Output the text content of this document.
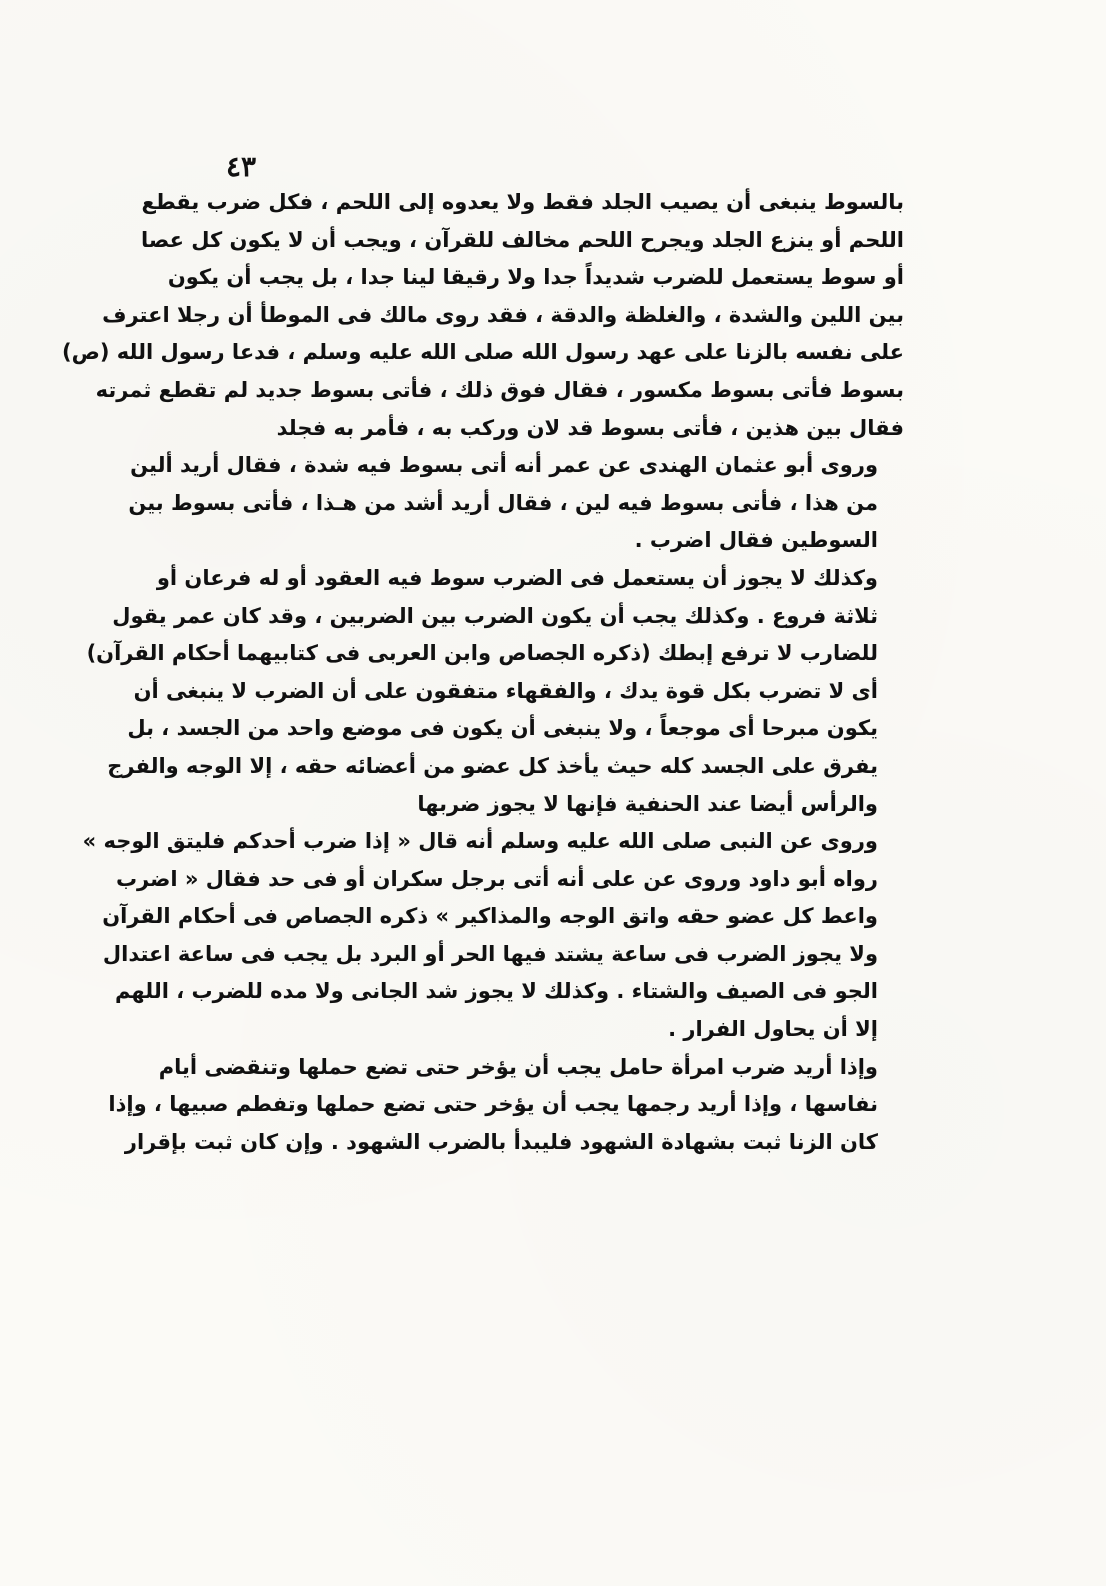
٤٣
بالسوط ينبغى أن يصيب الجلد فقط ولا يعدوه إلى اللحم ، فكل ضرب يقطع
اللحم أو ينزع الجلد ويجرح اللحم مخالف للقرآن ، ويجب أن لا يكون كل عصا
أو سوط يستعمل للضرب شديداً جدا ولا رقيقا لينا جدا ، بل يجب أن يكون
بين اللين والشدة ، والغلظة والدقة ، فقد روى مالك فى الموطأ أن رجلا اعترف
على نفسه بالزنا على عهد رسول الله صلى الله عليه وسلم ، فدعا رسول الله (ص)
بسوط فأتى بسوط مكسور ، فقال فوق ذلك ، فأتى بسوط جديد لم تقطع ثمرته
فقال بين هذين ، فأتى بسوط قد لان وركب به ، فأمر به فجلد
وروى أبو عثمان الهندى عن عمر أنه أتى بسوط فيه شدة ، فقال أريد ألين
من هذا ، فأتى بسوط فيه لين ، فقال أريد أشد من هـذا ، فأتى بسوط بين
السوطين فقال اضرب .
وكذلك لا يجوز أن يستعمل فى الضرب سوط فيه العقود أو له فرعان أو
ثلاثة فروع . وكذلك يجب أن يكون الضرب بين الضربين ، وقد كان عمر يقول
للضارب لا ترفع إبطك (ذكره الجصاص وابن العربى فى كتابيهما أحكام القرآن)
أى لا تضرب بكل قوة يدك ، والفقهاء متفقون على أن الضرب لا ينبغى أن
يكون مبرحا أى موجعاً ، ولا ينبغى أن يكون فى موضع واحد من الجسد ، بل
يفرق على الجسد كله حيث يأخذ كل عضو من أعضائه حقه ، إلا الوجه والفرج
والرأس أيضا عند الحنفية فإنها لا يجوز ضربها
وروى عن النبى صلى الله عليه وسلم أنه قال « إذا ضرب أحدكم فليتق الوجه »
رواه أبو داود وروى عن على أنه أتى برجل سكران أو فى حد فقال « اضرب
واعط كل عضو حقه واتق الوجه والمذاكير » ذكره الجصاص فى أحكام القرآن
ولا يجوز الضرب فى ساعة يشتد فيها الحر أو البرد بل يجب فى ساعة اعتدال
الجو فى الصيف والشتاء . وكذلك لا يجوز شد الجانى ولا مده للضرب ، اللهم
إلا أن يحاول الفرار .
وإذا أريد ضرب امرأة حامل يجب أن يؤخر حتى تضع حملها وتنقضى أيام
نفاسها ، وإذا أريد رجمها يجب أن يؤخر حتى تضع حملها وتفطم صبيها ، وإذا
كان الزنا ثبت بشهادة الشهود فليبدأ بالضرب الشهود . وإن كان ثبت بإقرار
